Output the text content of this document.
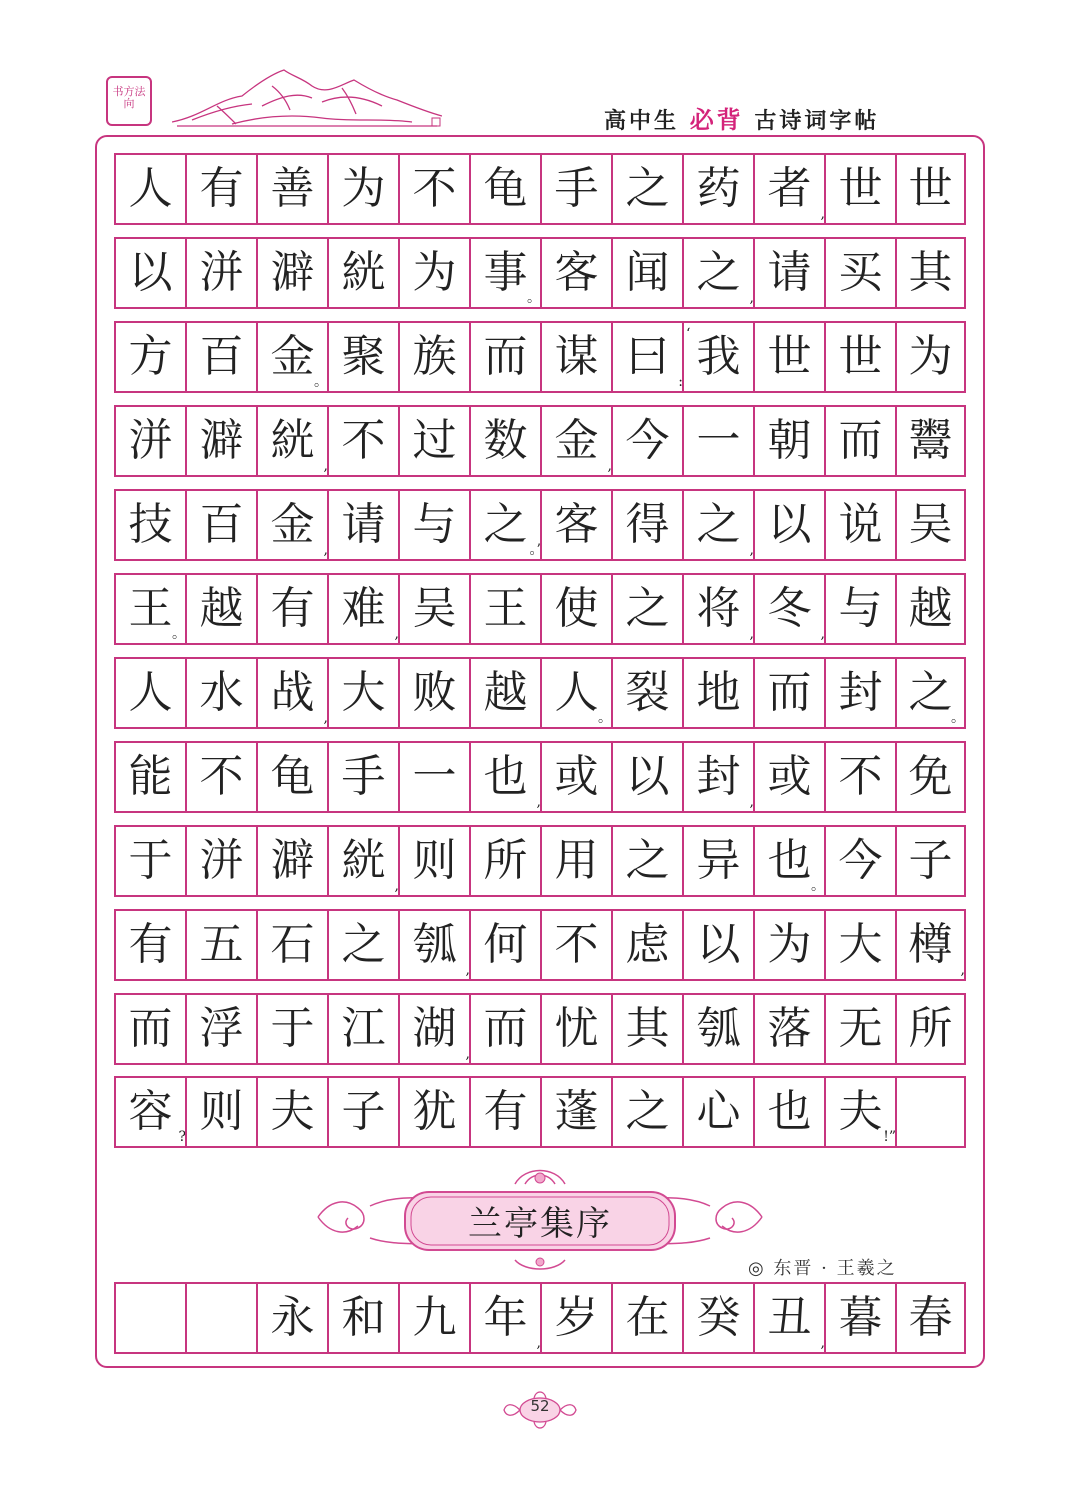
书方法向
高中生 必背 古诗词字帖
人 有 善 为 不 龟 手 之 药 者 , 世 世
以 洴 澼 絖 为 事 。 客 闻 之 , 请 买 其
方 百 金 。 聚 族 而 谋 曰 : 我
‘	世 世 为
洴 澼 絖 , 不 过 数 金 , 今 一 朝 而 鬻
技 百 金 , 请 与 之 。’ 客 得 之 , 以 说 吴
王 。 越 有 难 , 吴 王 使 之 将 , 冬 , 与 越
人 水 战 , 大 败 越 人 。 裂 地 而 封 之
。
能 不 龟 手 一 也 , 或 以 封 , 或 不 免
于 洴 澼 絖 , 则 所 用 之 异 也 。 今 子
有 五 石 之 瓠 , 何 不 虑 以 为 大 樽 ,
而 浮 于 江 湖 , 而 忧 其 瓠 落 无 所
容 ? 则 夫 子 犹 有 蓬 之 心 也 夫 !”
兰亭集序
◎ 东晋 · 王羲之
永 和 九 年 , 岁 在 癸 丑 , 暮 春
52
